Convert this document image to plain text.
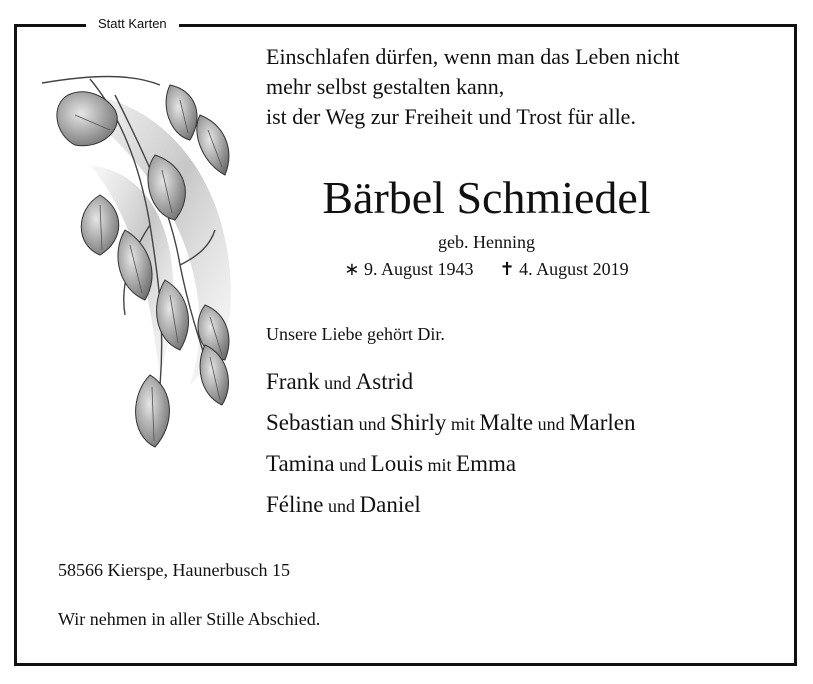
Statt Karten
Einschlafen dürfen, wenn man das Leben nicht
mehr selbst gestalten kann,
ist der Weg zur Freiheit und Trost für alle.
Bärbel Schmiedel
geb. Henning
∗ 9. August 1943 ✝ 4. August 2019
Unsere Liebe gehört Dir.
Frank und Astrid
Sebastian und Shirly mit Malte und Marlen
Tamina und Louis mit Emma
Féline und Daniel
58566 Kierspe, Haunerbusch 15
Wir nehmen in aller Stille Abschied.
